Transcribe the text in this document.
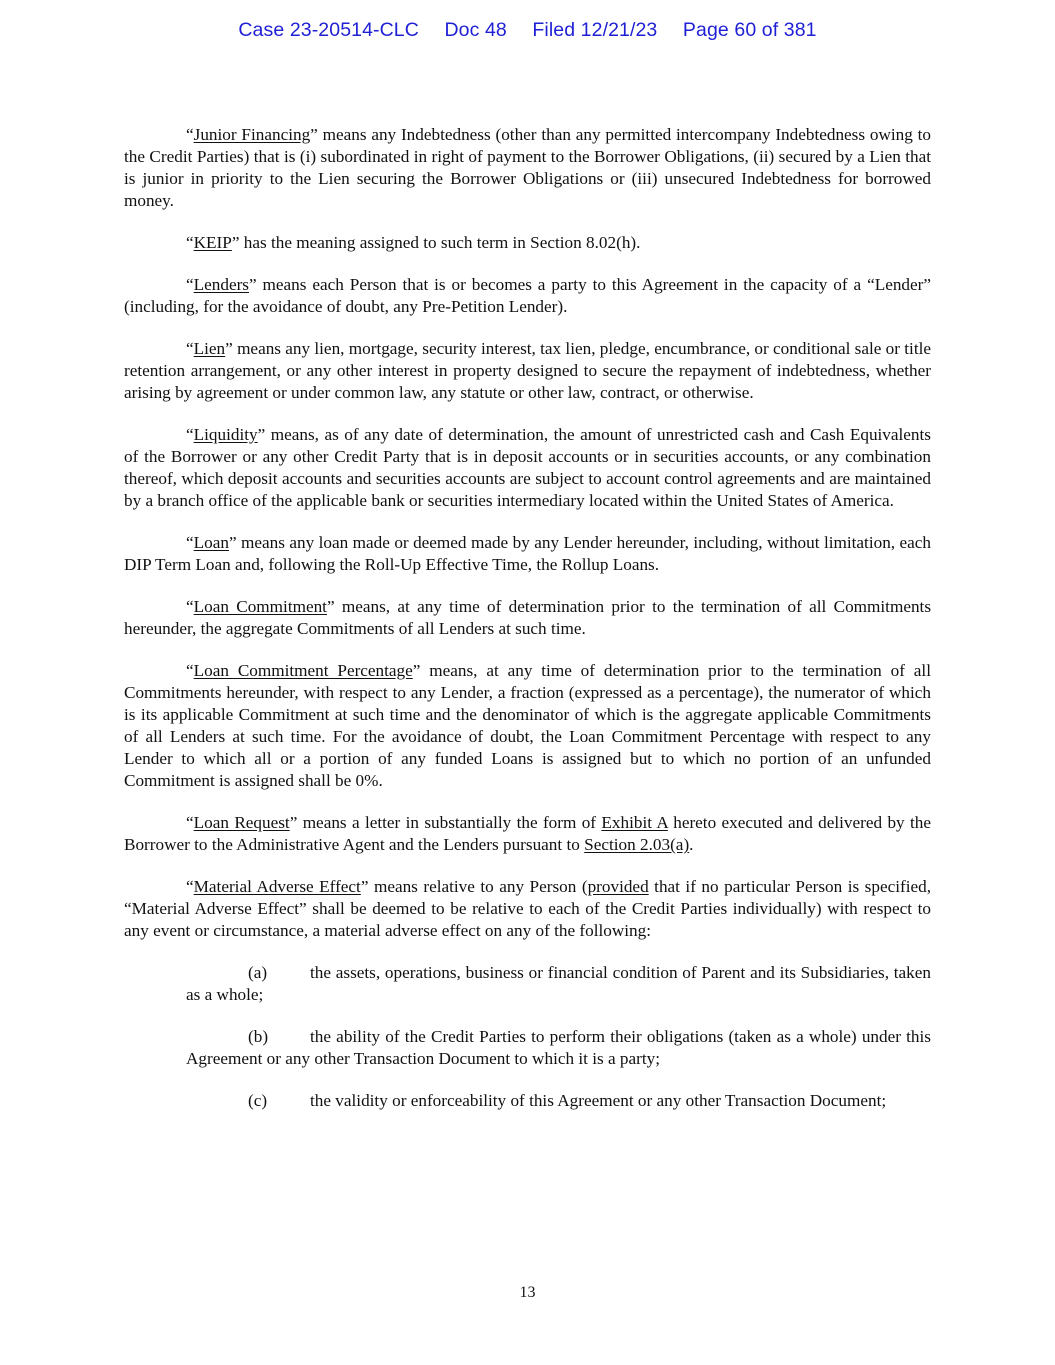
Case 23-20514-CLC Doc 48 Filed 12/21/23 Page 60 of 381

“Junior Financing” means any Indebtedness (other than any permitted intercompany Indebtedness owing to the Credit Parties) that is (i) subordinated in right of payment to the Borrower Obligations, (ii) secured by a Lien that is junior in priority to the Lien securing the Borrower Obligations or (iii) unsecured Indebtedness for borrowed money.

“KEIP” has the meaning assigned to such term in Section 8.02(h).

“Lenders” means each Person that is or becomes a party to this Agreement in the capacity of a “Lender” (including, for the avoidance of doubt, any Pre-Petition Lender).

“Lien” means any lien, mortgage, security interest, tax lien, pledge, encumbrance, or conditional sale or title retention arrangement, or any other interest in property designed to secure the repayment of indebtedness, whether arising by agreement or under common law, any statute or other law, contract, or otherwise.

“Liquidity” means, as of any date of determination, the amount of unrestricted cash and Cash Equivalents of the Borrower or any other Credit Party that is in deposit accounts or in securities accounts, or any combination thereof, which deposit accounts and securities accounts are subject to account control agreements and are maintained by a branch office of the applicable bank or securities intermediary located within the United States of America.

“Loan” means any loan made or deemed made by any Lender hereunder, including, without limitation, each DIP Term Loan and, following the Roll-Up Effective Time, the Rollup Loans.

“Loan Commitment” means, at any time of determination prior to the termination of all Commitments hereunder, the aggregate Commitments of all Lenders at such time.

“Loan Commitment Percentage” means, at any time of determination prior to the termination of all Commitments hereunder, with respect to any Lender, a fraction (expressed as a percentage), the numerator of which is its applicable Commitment at such time and the denominator of which is the aggregate applicable Commitments of all Lenders at such time. For the avoidance of doubt, the Loan Commitment Percentage with respect to any Lender to which all or a portion of any funded Loans is assigned but to which no portion of an unfunded Commitment is assigned shall be 0%.

“Loan Request” means a letter in substantially the form of Exhibit A hereto executed and delivered by the Borrower to the Administrative Agent and the Lenders pursuant to Section 2.03(a).

“Material Adverse Effect” means relative to any Person (provided that if no particular Person is specified, “Material Adverse Effect” shall be deemed to be relative to each of the Credit Parties individually) with respect to any event or circumstance, a material adverse effect on any of the following:

(a) the assets, operations, business or financial condition of Parent and its Subsidiaries, taken as a whole;

(b) the ability of the Credit Parties to perform their obligations (taken as a whole) under this Agreement or any other Transaction Document to which it is a party;

(c) the validity or enforceability of this Agreement or any other Transaction Document;

13
